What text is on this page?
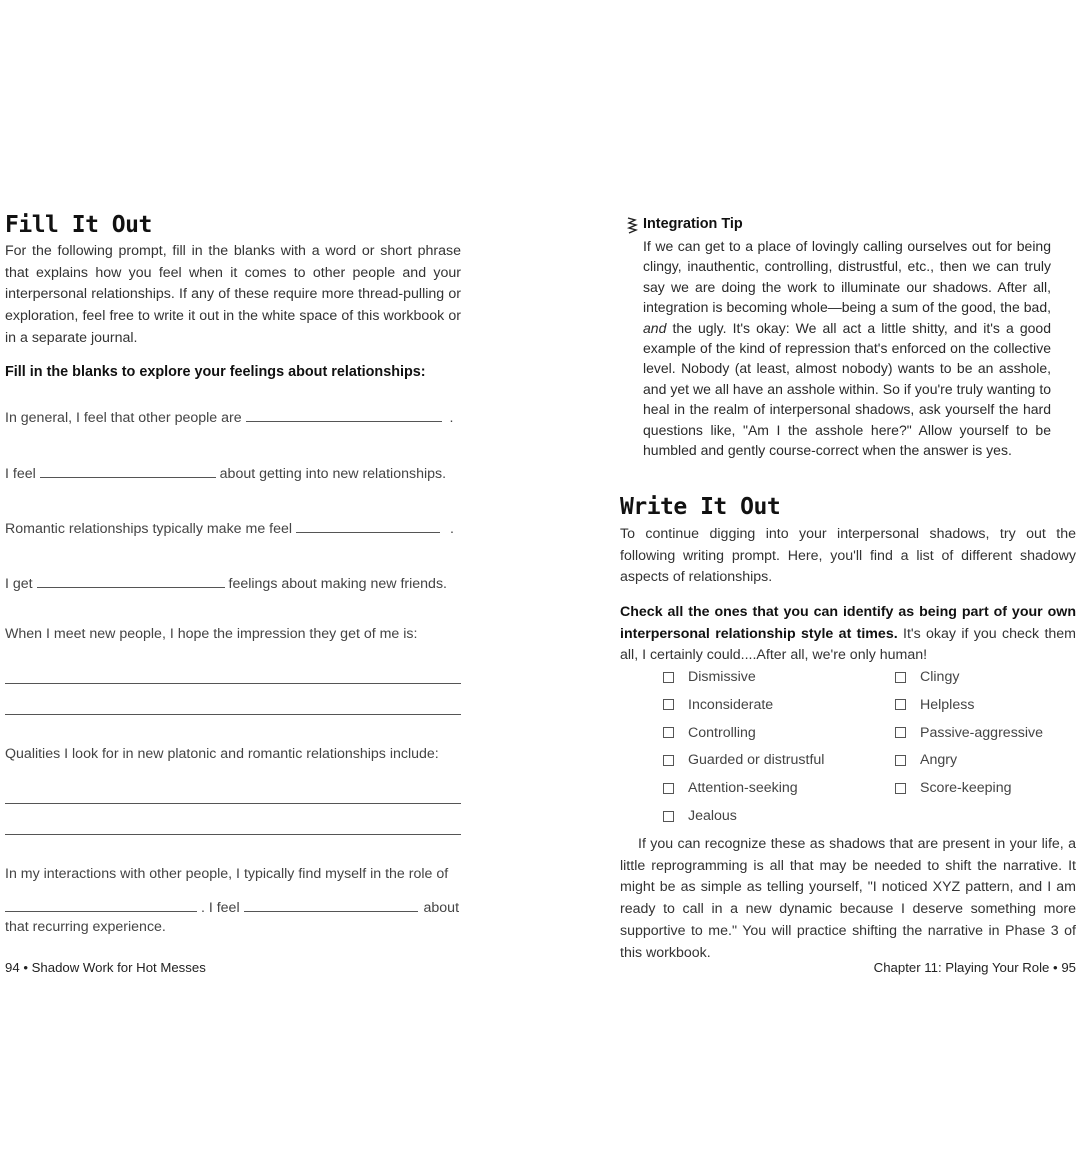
Fill It Out

For the following prompt, fill in the blanks with a word or short phrase that explains how you feel when it comes to other people and your interpersonal relationships. If any of these require more thread-pulling or exploration, feel free to write it out in the white space of this workbook or in a separate journal.

Fill in the blanks to explore your feelings about relationships:

In general, I feel that other people are	.
I feel	about getting into new relationships.
Romantic relationships typically make me feel	.
I get	feelings about making new friends.
When I meet new people, I hope the impression they get of me is:
Qualities I look for in new platonic and romantic relationships include:
In my interactions with other people, I typically find myself in the role of
. I feel	about
that recurring experience.
94 • Shadow Work for Hot Messes

Integration Tip

If we can get to a place of lovingly calling ourselves out for being clingy, inauthentic, controlling, distrustful, etc., then we can truly say we are doing the work to illuminate our shadows. After all, integration is becoming whole—being a sum of the good, the bad, and the ugly. It's okay: We all act a little shitty, and it's a good example of the kind of repression that's enforced on the collective level. Nobody (at least, almost nobody) wants to be an asshole, and yet we all have an asshole within. So if you're truly wanting to heal in the realm of interpersonal shadows, ask yourself the hard questions like, "Am I the asshole here?" Allow yourself to be humbled and gently course-correct when the answer is yes.

Write It Out

To continue digging into your interpersonal shadows, try out the following writing prompt. Here, you'll find a list of different shadowy aspects of relationships.

Check all the ones that you can identify as being part of your own interpersonal relationship style at times. It's okay if you check them all, I certainly could....After all, we're only human!

Dismissive
Inconsiderate
Controlling
Guarded or distrustful
Attention-seeking
Jealous
Clingy
Helpless
Passive-aggressive
Angry
Score-keeping

If you can recognize these as shadows that are present in your life, a little reprogramming is all that may be needed to shift the narrative. It might be as simple as telling yourself, "I noticed XYZ pattern, and I am ready to call in a new dynamic because I deserve something more supportive to me." You will practice shifting the narrative in Phase 3 of this workbook.

Chapter 11: Playing Your Role • 95
